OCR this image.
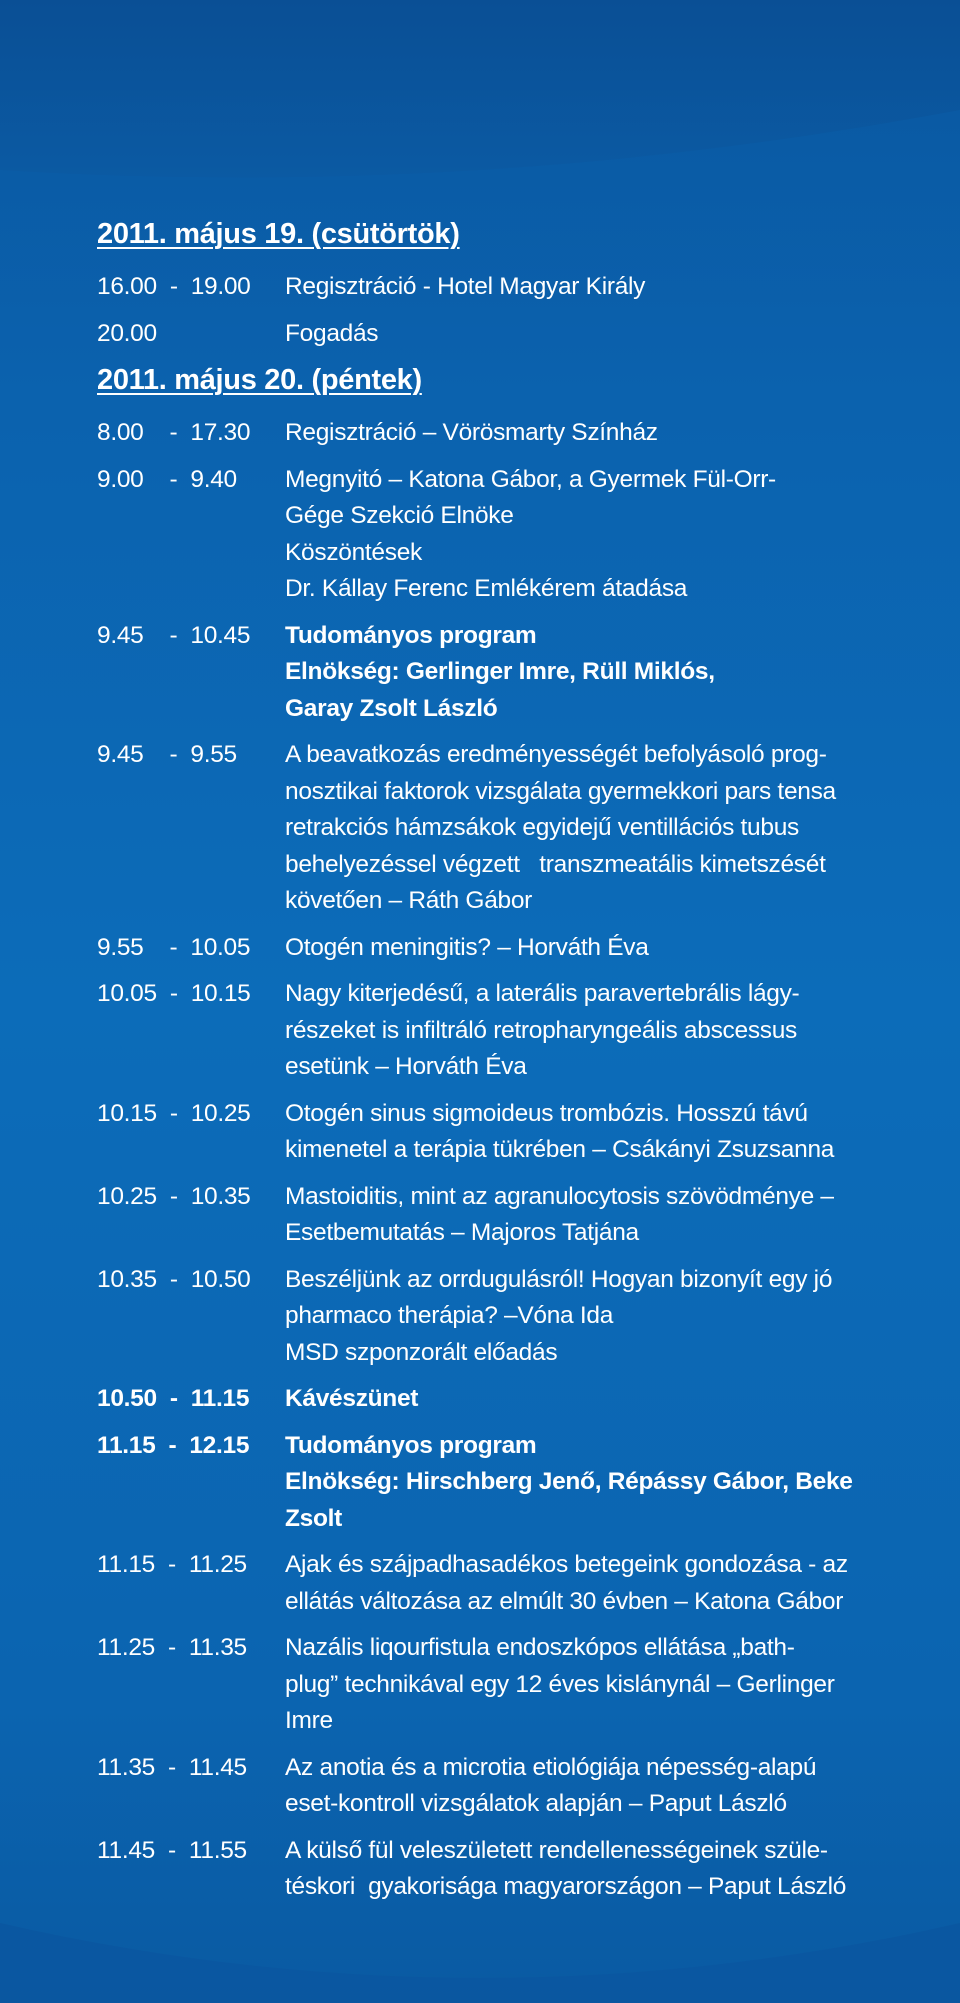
2011. május 19. (csütörtök)
16.00  -  19.00	Regisztráció - Hotel Magyar Király
20.00	Fogadás
2011. május 20. (péntek)
8.00    -  17.30	Regisztráció – Vörösmarty Színház
9.00    -  9.40	Megnyitó – Katona Gábor, a Gyermek Fül-Orr-
Gége Szekció Elnöke
Köszöntések
Dr. Kállay Ferenc Emlékérem átadása
9.45    -  10.45	Tudományos program
Elnökség: Gerlinger Imre, Rüll Miklós,
Garay Zsolt László
9.45    -  9.55	A beavatkozás eredményességét befolyásoló prog-
nosztikai faktorok vizsgálata gyermekkori pars tensa
retrakciós hámzsákok egyidejű ventillációs tubus
behelyezéssel végzett   transzmeatális kimetszését
követően – Ráth Gábor
9.55    -  10.05	Otogén meningitis? – Horváth Éva
10.05  -  10.15	Nagy kiterjedésű, a laterális paravertebrális lágy-
részeket is infiltráló retropharyngeális abscessus
esetünk – Horváth Éva
10.15  -  10.25	Otogén sinus sigmoideus trombózis. Hosszú távú
kimenetel a terápia tükrében – Csákányi Zsuzsanna
10.25  -  10.35	Mastoiditis, mint az agranulocytosis szövödménye –
Esetbemutatás – Majoros Tatjána
10.35  -  10.50	Beszéljünk az orrdugulásról! Hogyan bizonyít egy jó
pharmaco therápia? –Vóna Ida
MSD szponzorált előadás
10.50  -  11.15	Kávészünet
11.15  -  12.15	Tudományos program
Elnökség: Hirschberg Jenő, Répássy Gábor, Beke
Zsolt
11.15  -  11.25	Ajak és szájpadhasadékos betegeink gondozása - az
ellátás változása az elmúlt 30 évben – Katona Gábor
11.25  -  11.35	Nazális liqourfistula endoszkópos ellátása „bath-
plug” technikával egy 12 éves kislánynál – Gerlinger
Imre
11.35  -  11.45	Az anotia és a microtia etiológiája népesség-alapú
eset-kontroll vizsgálatok alapján – Paput László
11.45  -  11.55	A külső fül veleszületett rendellenességeinek szüle-
téskori  gyakorisága magyarországon – Paput László
